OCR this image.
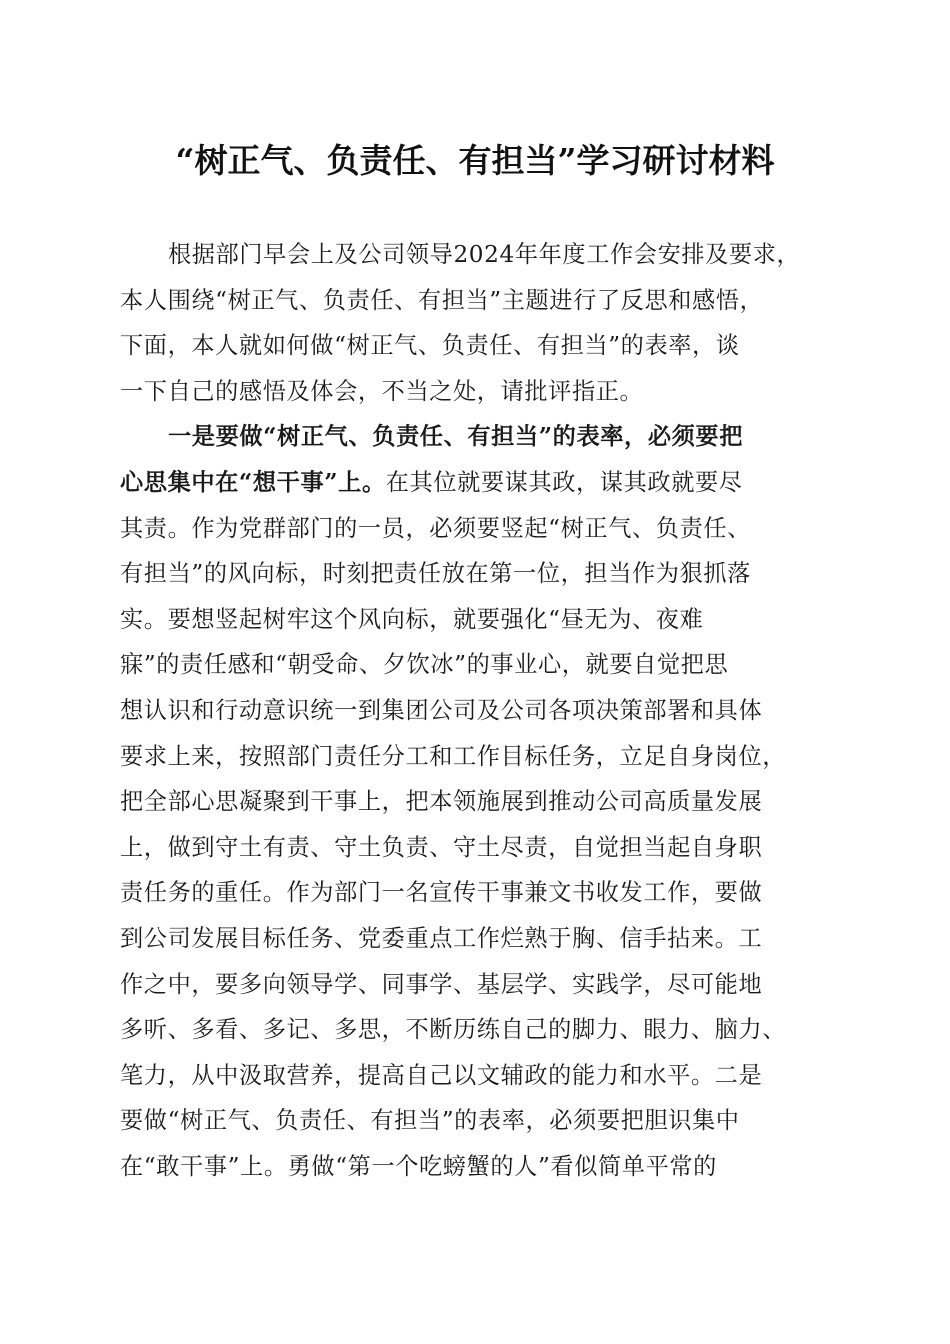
“树正气、负责任、有担当”学习研讨材料
根据部门早会上及公司领导2024年年度工作会安排及要求，
本人围绕“树正气、负责任、有担当”主题进行了反思和感悟，
下面，本人就如何做“树正气、负责任、有担当”的表率，谈
一下自己的感悟及体会，不当之处，请批评指正。
一是要做“树正气、负责任、有担当”的表率，必须要把
心思集中在“想干事”上。在其位就要谋其政，谋其政就要尽
其责。作为党群部门的一员，必须要竖起“树正气、负责任、
有担当”的风向标，时刻把责任放在第一位，担当作为狠抓落
实。要想竖起树牢这个风向标，就要强化“昼无为、夜难
寐”的责任感和“朝受命、夕饮冰”的事业心，就要自觉把思
想认识和行动意识统一到集团公司及公司各项决策部署和具体
要求上来，按照部门责任分工和工作目标任务，立足自身岗位，
把全部心思凝聚到干事上，把本领施展到推动公司高质量发展
上，做到守土有责、守土负责、守土尽责，自觉担当起自身职
责任务的重任。作为部门一名宣传干事兼文书收发工作，要做
到公司发展目标任务、党委重点工作烂熟于胸、信手拈来。工
作之中，要多向领导学、同事学、基层学、实践学，尽可能地
多听、多看、多记、多思，不断历练自己的脚力、眼力、脑力、
笔力，从中汲取营养，提高自己以文辅政的能力和水平。二是
要做“树正气、负责任、有担当”的表率，必须要把胆识集中
在“敢干事”上。勇做“第一个吃螃蟹的人”看似简单平常的
